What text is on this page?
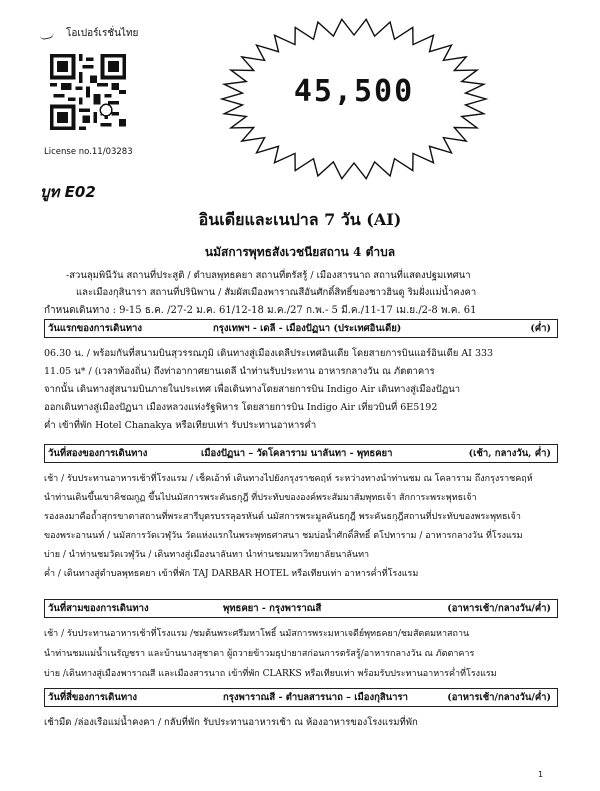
โอเปอร์เรชั่นไทย
License no.11/03283
45,500
บูท E02
อินเดียและเนปาล 7 วัน (AI)
นมัสการพุทธสังเวชนียสถาน 4 ตำบล
-สวนลุมพินีวัน สถานที่ประสูติ / ตำบลพุทธคยา สถานที่ตรัสรู้ / เมืองสารนาถ สถานที่แสดงปฐมเทศนา
และเมืองกุสินารา สถานที่ปรินิพาน / สัมผัสเมืองพาราณสีอันศักดิ์สิทธิ์ของชาวฮินดู ริมฝั่งแม่น้ำคงคา
กำหนดเดินทาง : 9-15 ธ.ค. /27-2 ม.ค. 61/12-18 ม.ค./27 ก.พ.- 5 มี.ค./11-17 เม.ย./2-8 พ.ค. 61
วันแรกของการเดินทาง	กรุงเทพฯ - เดลี - เมืองปัฏนา (ประเทศอินเดีย)	(ค่ำ)
06.30 น. / พร้อมกันที่สนามบินสุวรรณภูมิ เดินทางสู่เมืองเดลีประเทศอินเดีย โดยสายการบินแอร์อินเดีย AI 333
11.05 น* / (เวลาท้องถิ่น) ถึงท่าอากาศยานเดลี นำท่านรับประทาน อาหารกลางวัน ณ ภัตตาคาร
จากนั้น เดินทางสู่สนามบินภายในประเทศ เพื่อเดินทางโดยสายการบิน Indigo Air เดินทางสู่เมืองปัฏนา
ออกเดินทางสู่เมืองปัฏนา เมืองหลวงแห่งรัฐพิหาร โดยสายการบิน Indigo Air เที่ยวบินที่ 6E5192
ค่ำ เข้าที่พัก Hotel Chanakya หรือเทียบเท่า รับประทานอาหารค่ำ
วันที่สองของการเดินทาง	เมืองปัฏนา – วัดโคลาราม นาลันทา - พุทธคยา	(เช้า, กลางวัน, ค่ำ)
เช้า / รับประทานอาหารเช้าที่โรงแรม / เช็คเอ้าท์ เดินทางไปยังกรุงราชคฤห์ ระหว่างทางนำท่านชม ณ โคลาราม ถึงกรุงราชคฤห์
นำท่านเดินขึ้นเขาคิชฌกูฏ ขึ้นไปนมัสการพระคันธกุฎี ที่ประทับขององค์พระสัมมาสัมพุทธเจ้า สักการะพระพุทธเจ้า
รองลงมาคือถ้ำสุกรขาตาสถานที่พระสารีบุตรบรรลุอรหันต์ นมัสการพระมูลคันธกุฎี พระคันธกุฎีสถานที่ประทับของพระพุทธเจ้า
ของพระอานนท์ / นมัสการวัดเวฬุวัน วัดแห่งแรกในพระพุทธศาสนา ชมบ่อน้ำศักดิ์สิทธิ์ ตโปทาราม / อาหารกลางวัน ที่โรงแรม
บ่าย / นำท่านชมวัดเวฬุวัน / เดินทางสู่เมืองนาลันทา นำท่านชมมหาวิทยาลัยนาลันทา
ค่ำ / เดินทางสู่ตำบลพุทธคยา เข้าที่พัก TAJ DARBAR HOTEL หรือเทียบเท่า อาหารค่ำที่โรงแรม
วันที่สามของการเดินทาง	พุทธคยา - กรุงพาราณสี	(อาหารเช้า/กลางวัน/ค่ำ)
เช้า / รับประทานอาหารเช้าที่โรงแรม /ชมต้นพระศรีมหาโพธิ์ นมัสการพระมหาเจดีย์พุทธคยา/ชมสัตตมหาสถาน
นำท่านชมแม่น้ำเนรัญชรา และบ้านนางสุชาดา ผู้ถวายข้าวมธุปายาสก่อนการตรัสรู้/อาหารกลางวัน ณ ภัตตาคาร
บ่าย /เดินทางสู่เมืองพาราณสี และเมืองสารนาถ เข้าที่พัก CLARKS หรือเทียบเท่า พร้อมรับประทานอาหารค่ำที่โรงแรม
วันที่สี่ของการเดินทาง	กรุงพาราณสี - ตำบลสารนาถ – เมืองกุสินารา	(อาหารเช้า/กลางวัน/ค่ำ)
เช้ามืด /ล่องเรือแม่น้ำคงคา / กลับที่พัก รับประทานอาหารเช้า ณ ห้องอาหารของโรงแรมที่พัก
1
